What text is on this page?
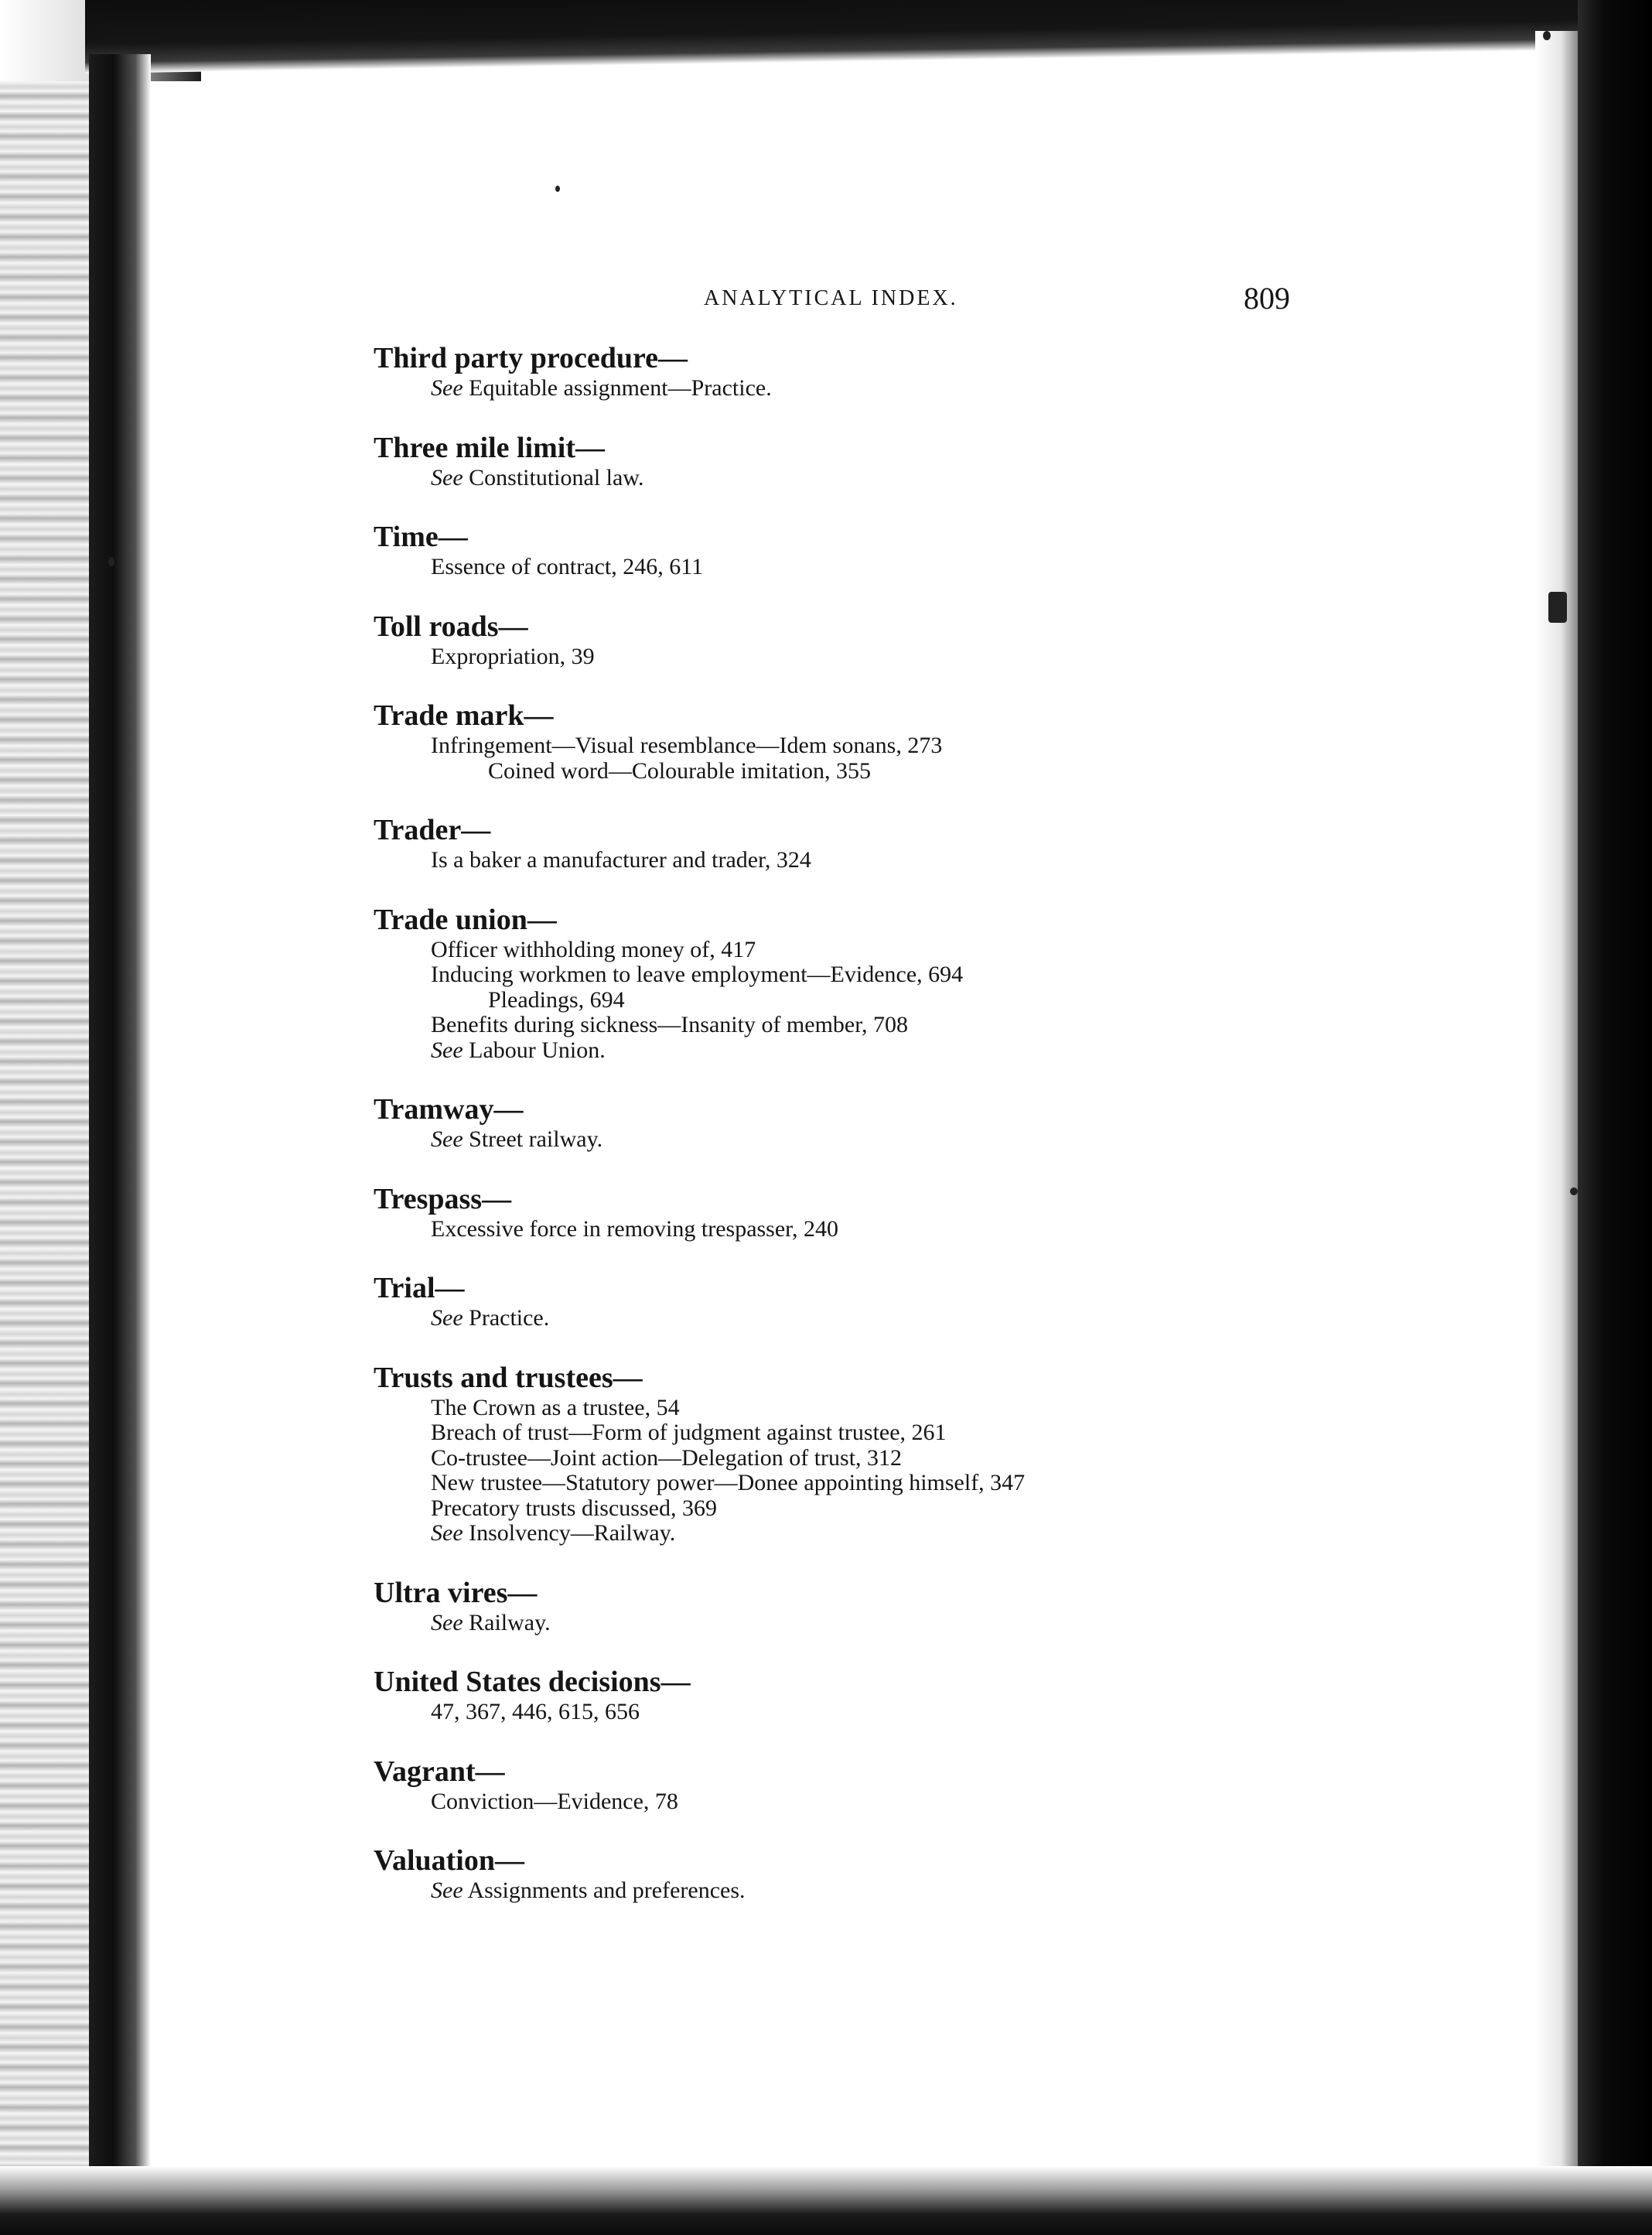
ANALYTICAL INDEX.	809
Third party procedure—
See Equitable assignment—Practice.
Three mile limit—
See Constitutional law.
Time—
Essence of contract, 246, 611
Toll roads—
Expropriation, 39
Trade mark—
Infringement—Visual resemblance—Idem sonans, 273
Coined word—Colourable imitation, 355
Trader—
Is a baker a manufacturer and trader, 324
Trade union—
Officer withholding money of, 417
Inducing workmen to leave employment—Evidence, 694
Pleadings, 694
Benefits during sickness—Insanity of member, 708
See Labour Union.
Tramway—
See Street railway.
Trespass—
Excessive force in removing trespasser, 240
Trial—
See Practice.
Trusts and trustees—
The Crown as a trustee, 54
Breach of trust—Form of judgment against trustee, 261
Co-trustee—Joint action—Delegation of trust, 312
New trustee—Statutory power—Donee appointing himself, 347
Precatory trusts discussed, 369
See Insolvency—Railway.
Ultra vires—
See Railway.
United States decisions—
47, 367, 446, 615, 656
Vagrant—
Conviction—Evidence, 78
Valuation—
See Assignments and preferences.
